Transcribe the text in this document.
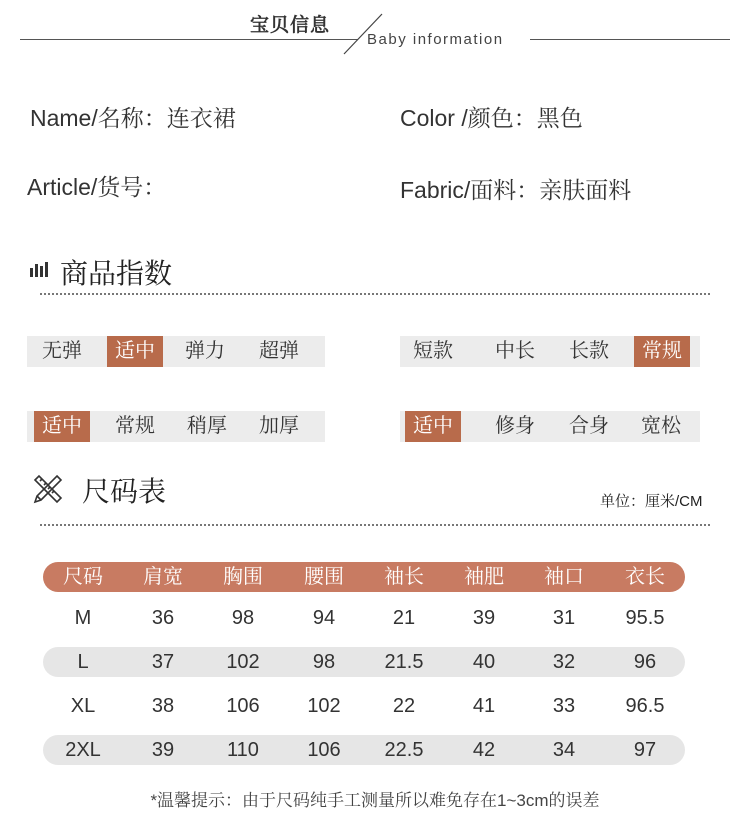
宝贝信息
Baby information
Name/名称：连衣裙	Color /颜色：黑色
Article/货号：	Fabric/面料：亲肤面料
商品指数
无弹	适中	弹力	超弹	短款	中长	长款	常规
适中	常规	稍厚	加厚	适中	修身	合身	宽松
尺码表	单位：厘米/CM
尺码	肩宽	胸围	腰围	袖长	袖肥	袖口	衣长
M	36	98	94	21	39	31	95.5
L	37	102	98	21.5	40	32	96
XL	38	106	102	22	41	33	96.5
2XL	39	110	106	22.5	42	34	97
*温馨提示：由于尺码纯手工测量所以难免存在1~3cm的误差
